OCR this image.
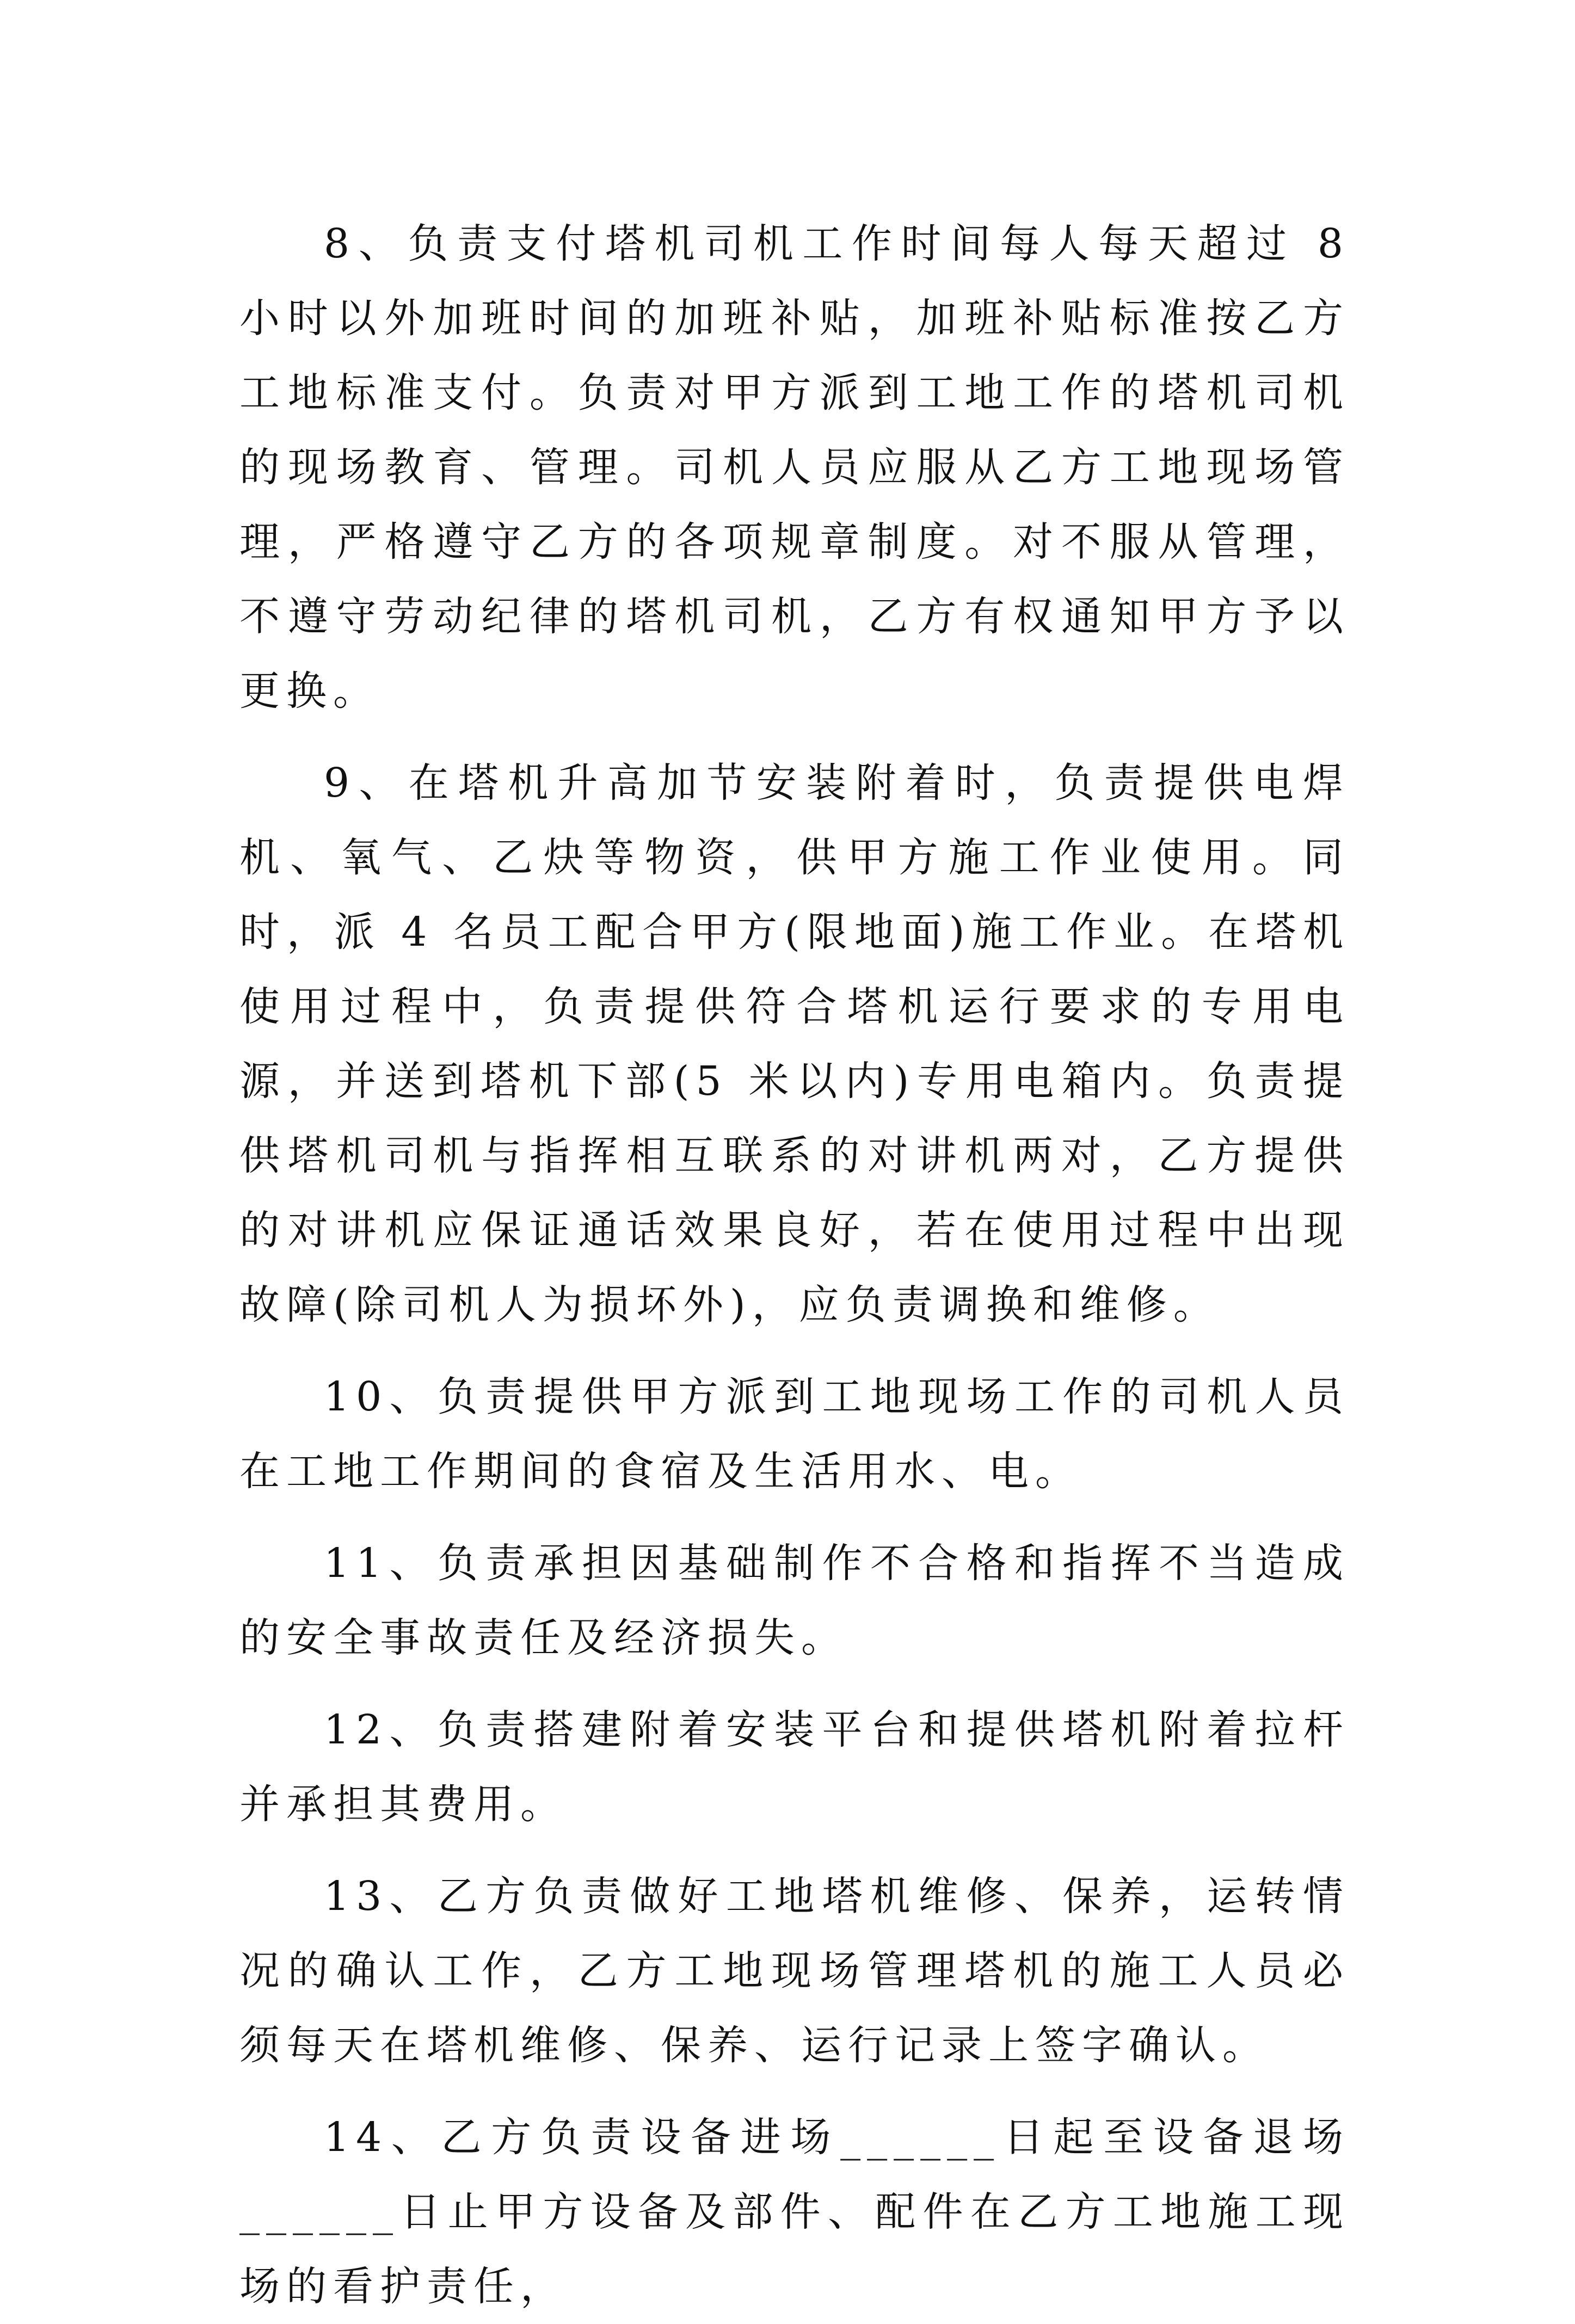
8、负责支付塔机司机工作时间每人每天超过 8 小时以外加班时间的加班补贴，加班补贴标准按乙方工地标准支付。负责对甲方派到工地工作的塔机司机的现场教育、管理。司机人员应服从乙方工地现场管理，严格遵守乙方的各项规章制度。对不服从管理，不遵守劳动纪律的塔机司机，乙方有权通知甲方予以更换。

9、在塔机升高加节安装附着时，负责提供电焊机、氧气、乙炔等物资，供甲方施工作业使用。同时，派 4 名员工配合甲方(限地面)施工作业。在塔机使用过程中，负责提供符合塔机运行要求的专用电源，并送到塔机下部(5 米以内)专用电箱内。负责提供塔机司机与指挥相互联系的对讲机两对，乙方提供的对讲机应保证通话效果良好，若在使用过程中出现故障(除司机人为损坏外)，应负责调换和维修。

10、负责提供甲方派到工地现场工作的司机人员在工地工作期间的食宿及生活用水、电。

11、负责承担因基础制作不合格和指挥不当造成的安全事故责任及经济损失。

12、负责搭建附着安装平台和提供塔机附着拉杆并承担其费用。

13、乙方负责做好工地塔机维修、保养，运转情况的确认工作，乙方工地现场管理塔机的施工人员必须每天在塔机维修、保养、运行记录上签字确认。

14、乙方负责设备进场______日起至设备退场______日止甲方设备及部件、配件在乙方工地施工现场的看护责任，
